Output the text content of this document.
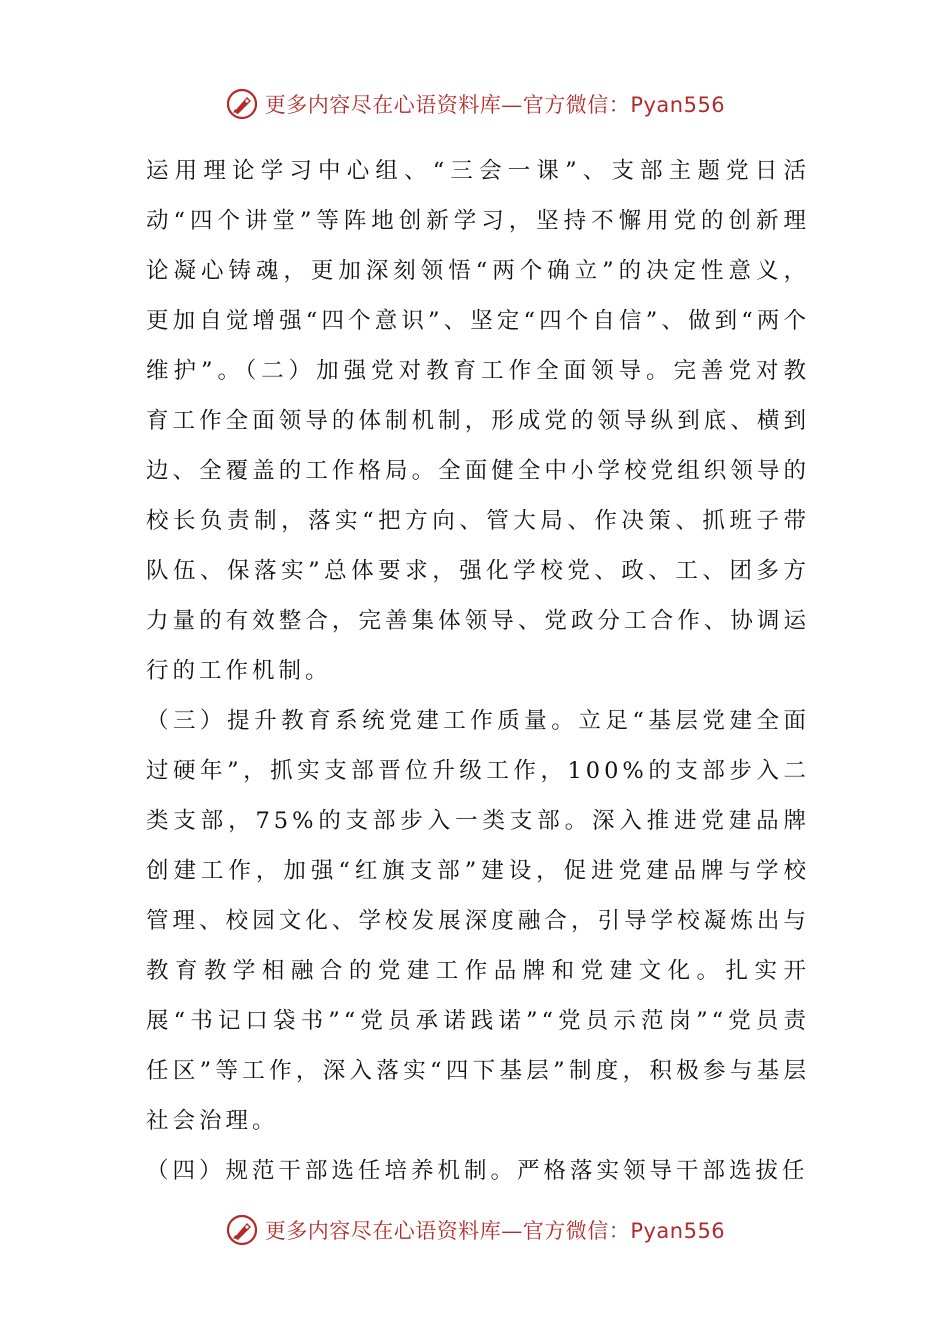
更多内容尽在心语资料库—官方微信：Pyan556

运用理论学习中心组、“三会一课”、支部主题党日活动“四个讲堂”等阵地创新学习，坚持不懈用党的创新理论凝心铸魂，更加深刻领悟“两个确立”的决定性意义，更加自觉增强“四个意识”、坚定“四个自信”、做到“两个维护”。（二）加强党对教育工作全面领导。完善党对教育工作全面领导的体制机制，形成党的领导纵到底、横到边、全覆盖的工作格局。全面健全中小学校党组织领导的校长负责制，落实“把方向、管大局、作决策、抓班子带队伍、保落实”总体要求，强化学校党、政、工、团多方力量的有效整合，完善集体领导、党政分工合作、协调运行的工作机制。

（三）提升教育系统党建工作质量。立足“基层党建全面过硬年”，抓实支部晋位升级工作，100%的支部步入二类支部，75%的支部步入一类支部。深入推进党建品牌创建工作，加强“红旗支部”建设，促进党建品牌与学校管理、校园文化、学校发展深度融合，引导学校凝炼出与教育教学相融合的党建工作品牌和党建文化。扎实开展“书记口袋书”“党员承诺践诺”“党员示范岗”“党员责任区”等工作，深入落实“四下基层”制度，积极参与基层社会治理。

（四）规范干部选任培养机制。严格落实领导干部选拔任

更多内容尽在心语资料库—官方微信：Pyan556
